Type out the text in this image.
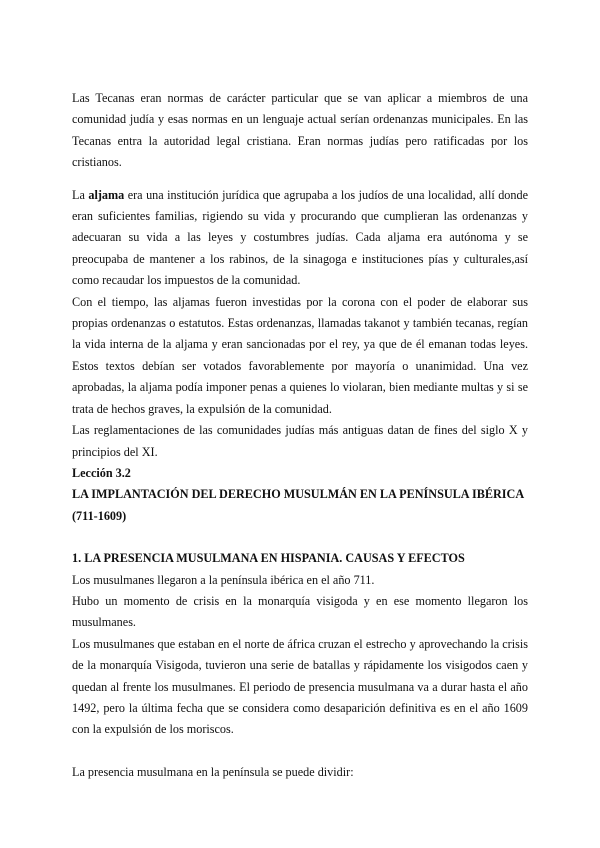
Las Tecanas eran normas de carácter particular que se van aplicar a miembros de una comunidad judía y esas normas en un lenguaje actual serían ordenanzas municipales. En las Tecanas entra la autoridad legal cristiana. Eran normas judías pero ratificadas por los cristianos.

La aljama era una institución jurídica que agrupaba a los judíos de una localidad, allí donde eran suficientes familias, rigiendo su vida y procurando que cumplieran las ordenanzas y adecuaran su vida a las leyes y costumbres judías. Cada aljama era autónoma y se preocupaba de mantener a los rabinos, de la sinagoga e instituciones pías y culturales,así como recaudar los impuestos de la comunidad.

Con el tiempo, las aljamas fueron investidas por la corona con el poder de elaborar sus propias ordenanzas o estatutos. Estas ordenanzas, llamadas takanot y también tecanas, regían la vida interna de la aljama y eran sancionadas por el rey, ya que de él emanan todas leyes. Estos textos debían ser votados favorablemente por mayoría o unanimidad. Una vez aprobadas, la aljama podía imponer penas a quienes lo violaran, bien mediante multas y si se trata de hechos graves, la expulsión de la comunidad.

Las reglamentaciones de las comunidades judías más antiguas datan de fines del siglo X y principios del XI.

Lección 3.2

LA IMPLANTACIÓN DEL DERECHO MUSULMÁN EN LA PENÍNSULA IBÉRICA (711-1609)

1. LA PRESENCIA MUSULMANA EN HISPANIA. CAUSAS Y EFECTOS

Los musulmanes llegaron a la península ibérica en el año 711.

Hubo un momento de crisis en la monarquía visigoda y en ese momento llegaron los musulmanes.

Los musulmanes que estaban en el norte de áfrica cruzan el estrecho y aprovechando la crisis de la monarquía Visigoda, tuvieron una serie de batallas y rápidamente los visigodos caen y quedan al frente los musulmanes. El periodo de presencia musulmana va a durar hasta el año 1492, pero la última fecha que se considera como desaparición definitiva es en el año 1609 con la expulsión de los moriscos.

La presencia musulmana en la península se puede dividir:
